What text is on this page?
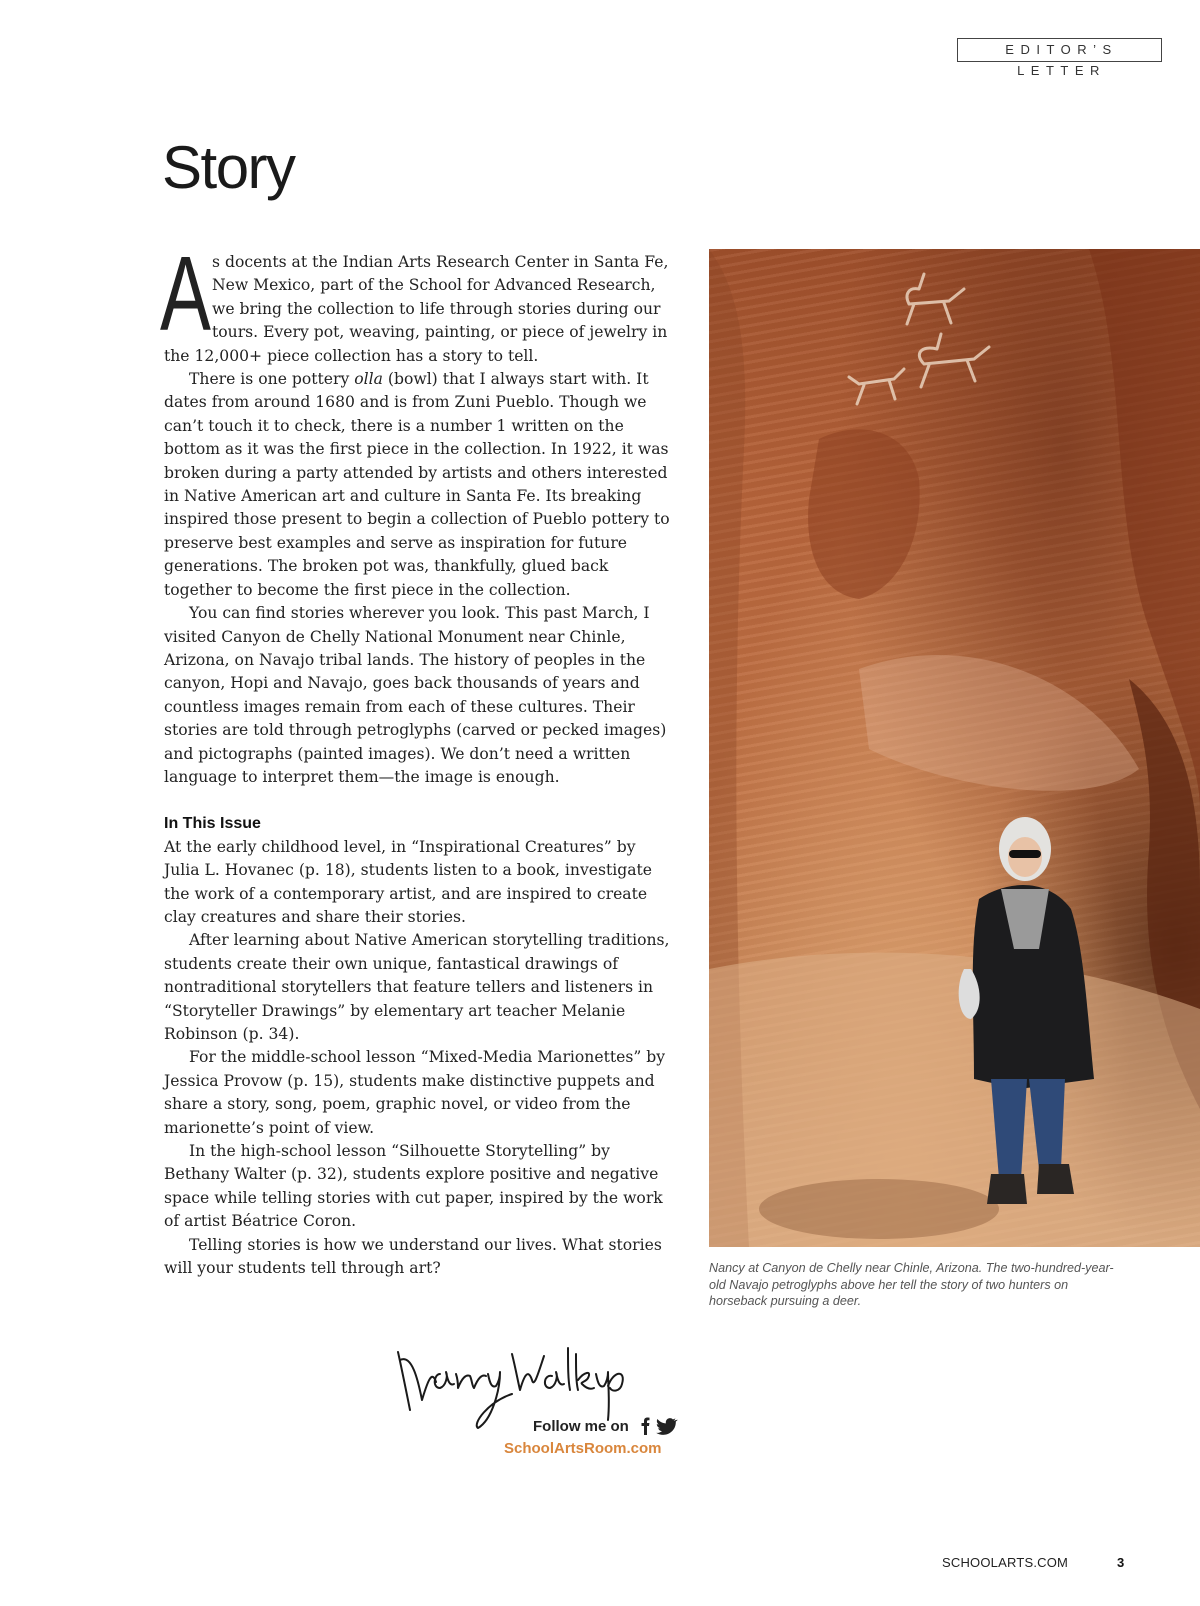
EDITOR’S LETTER
Story

As docents at the Indian Arts Research Center in Santa Fe, New Mexico, part of the School for Advanced Research, we bring the collection to life through stories during our tours. Every pot, weaving, painting, or piece of jewelry in the 12,000+ piece collection has a story to tell.

There is one pottery olla (bowl) that I always start with. It dates from around 1680 and is from Zuni Pueblo. Though we can’t touch it to check, there is a number 1 written on the bottom as it was the first piece in the collection. In 1922, it was broken during a party attended by artists and others interested in Native American art and culture in Santa Fe. Its breaking inspired those present to begin a collection of Pueblo pottery to preserve best examples and serve as inspiration for future generations. The broken pot was, thankfully, glued back together to become the first piece in the collection.

You can find stories wherever you look. This past March, I visited Canyon de Chelly National Monument near Chinle, Arizona, on Navajo tribal lands. The history of peoples in the canyon, Hopi and Navajo, goes back thousands of years and countless images remain from each of these cultures. Their stories are told through petroglyphs (carved or pecked images) and pictographs (painted images). We don’t need a written language to interpret them—the image is enough.

In This Issue

At the early childhood level, in “Inspirational Creatures” by Julia L. Hovanec (p. 18), students listen to a book, investigate the work of a contemporary artist, and are inspired to create clay creatures and share their stories.

After learning about Native American storytelling traditions, students create their own unique, fantastical drawings of nontraditional storytellers that feature tellers and listeners in “Storyteller Drawings” by elementary art teacher Melanie Robinson (p. 34).

For the middle-school lesson “Mixed-Media Marionettes” by Jessica Provow (p. 15), students make distinctive puppets and share a story, song, poem, graphic novel, or video from the marionette’s point of view.

In the high-school lesson “Silhouette Storytelling” by Bethany Walter (p. 32), students explore positive and negative space while telling stories with cut paper, inspired by the work of artist Béatrice Coron.

Telling stories is how we understand our lives. What stories will your students tell through art?	Nancy at Canyon de Chelly near Chinle, Arizona. The two-hundred-year-old Navajo petroglyphs above her tell the story of two hunters on horseback pursuing a deer.
Follow me on
SchoolArtsRoom.com
SCHOOLARTS.COM	3
